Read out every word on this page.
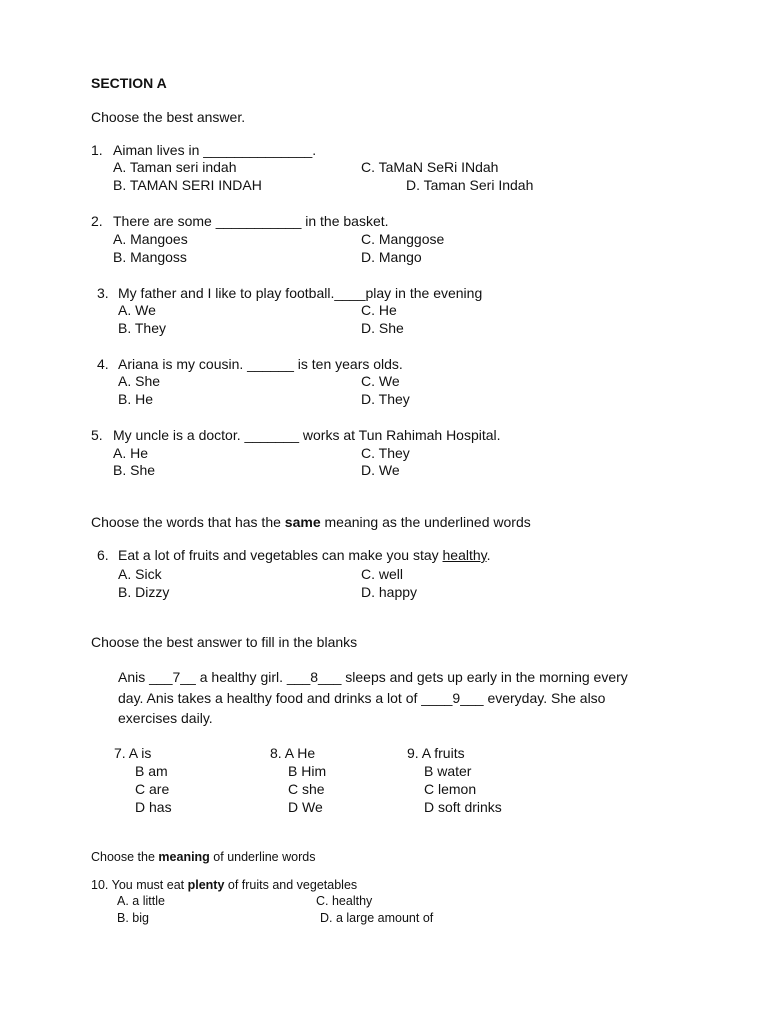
SECTION A
Choose the best answer.
1. Aiman lives in ______________.
A. Taman seri indah
B. TAMAN SERI INDAH
C. TaMaN SeRi INdah
D. Taman Seri Indah
2. There are some ___________ in the basket.
A. Mangoes
B. Mangoss
C. Manggose
D. Mango
3. My father and I like to play football.____play in the evening
A. We
B. They
C. He
D. She
4. Ariana is my cousin. ______ is ten years olds.
A. She
B. He
C. We
D. They
5. My uncle is a doctor. _______ works at Tun Rahimah Hospital.
A. He
B. She
C. They
D. We
Choose the words that has the same meaning as the underlined words
6. Eat a lot of fruits and vegetables can make you stay healthy.
A. Sick
B. Dizzy
C. well
D. happy
Choose the best answer to fill in the blanks
Anis ___7__ a healthy girl. ___8___ sleeps and gets up early in the morning every
day. Anis takes a healthy food and drinks a lot of ____9___ everyday. She also
exercises daily.
7. A is
B am
C are
D has
8. A He
B Him
C she
D We
9. A fruits
B water
C lemon
D soft drinks
Choose the meaning of underline words
10. You must eat plenty of fruits and vegetables
A. a little
B. big
C. healthy
D. a large amount of
